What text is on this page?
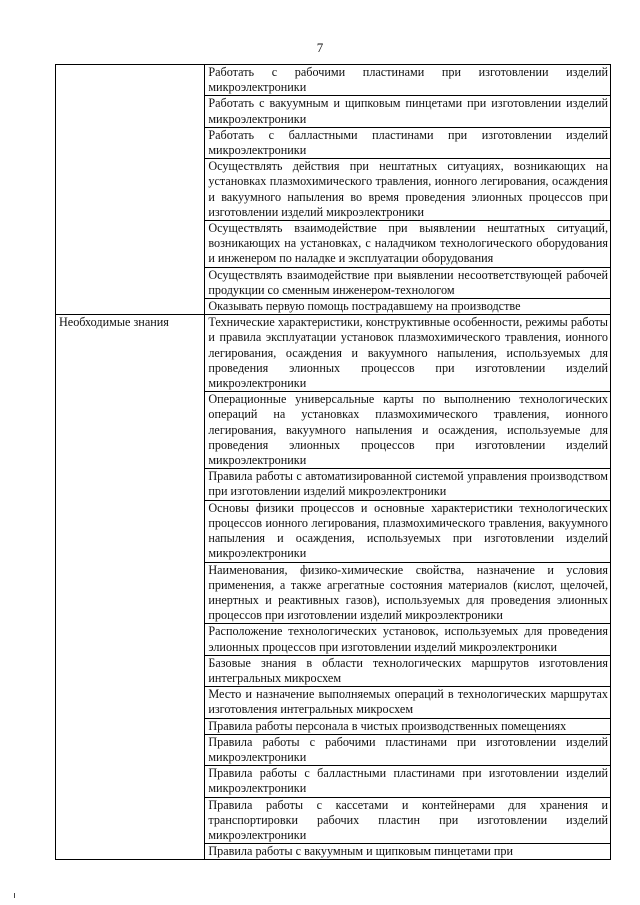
7
	Работать с рабочими пластинами при изготовлении изделий микроэлектроники
	Работать с вакуумным и щипковым пинцетами при изготовлении изделий микроэлектроники
	Работать с балластными пластинами при изготовлении изделий микроэлектроники
	Осуществлять действия при нештатных ситуациях, возникающих на установках плазмохимического травления, ионного легирования, осаждения и вакуумного напыления во время проведения элионных процессов при изготовлении изделий микроэлектроники
	Осуществлять взаимодействие при выявлении нештатных ситуаций, возникающих на установках, с наладчиком технологического оборудования и инженером по наладке и эксплуатации оборудования
	Осуществлять взаимодействие при выявлении несоответствующей рабочей продукции со сменным инженером-технологом
	Оказывать первую помощь пострадавшему на производстве
Необходимые знания	Технические характеристики, конструктивные особенности, режимы работы и правила эксплуатации установок плазмохимического травления, ионного легирования, осаждения и вакуумного напыления, используемых для проведения элионных процессов при изготовлении изделий микроэлектроники
	Операционные универсальные карты по выполнению технологических операций на установках плазмохимического травления, ионного легирования, вакуумного напыления и осаждения, используемые для проведения элионных процессов при изготовлении изделий микроэлектроники
	Правила работы с автоматизированной системой управления производством при изготовлении изделий микроэлектроники
	Основы физики процессов и основные характеристики технологических процессов ионного легирования, плазмохимического травления, вакуумного напыления и осаждения, используемых при изготовлении изделий микроэлектроники
	Наименования, физико-химические свойства, назначение и условия применения, а также агрегатные состояния материалов (кислот, щелочей, инертных и реактивных газов), используемых для проведения элионных процессов при изготовлении изделий микроэлектроники
	Расположение технологических установок, используемых для проведения элионных процессов при изготовлении изделий микроэлектроники
	Базовые знания в области технологических маршрутов изготовления интегральных микросхем
	Место и назначение выполняемых операций в технологических маршрутах изготовления интегральных микросхем
	Правила работы персонала в чистых производственных помещениях
	Правила работы с рабочими пластинами при изготовлении изделий микроэлектроники
	Правила работы с балластными пластинами при изготовлении изделий микроэлектроники
	Правила работы с кассетами и контейнерами для хранения и транспортировки рабочих пластин при изготовлении изделий микроэлектроники
	Правила работы с вакуумным и щипковым пинцетами при
